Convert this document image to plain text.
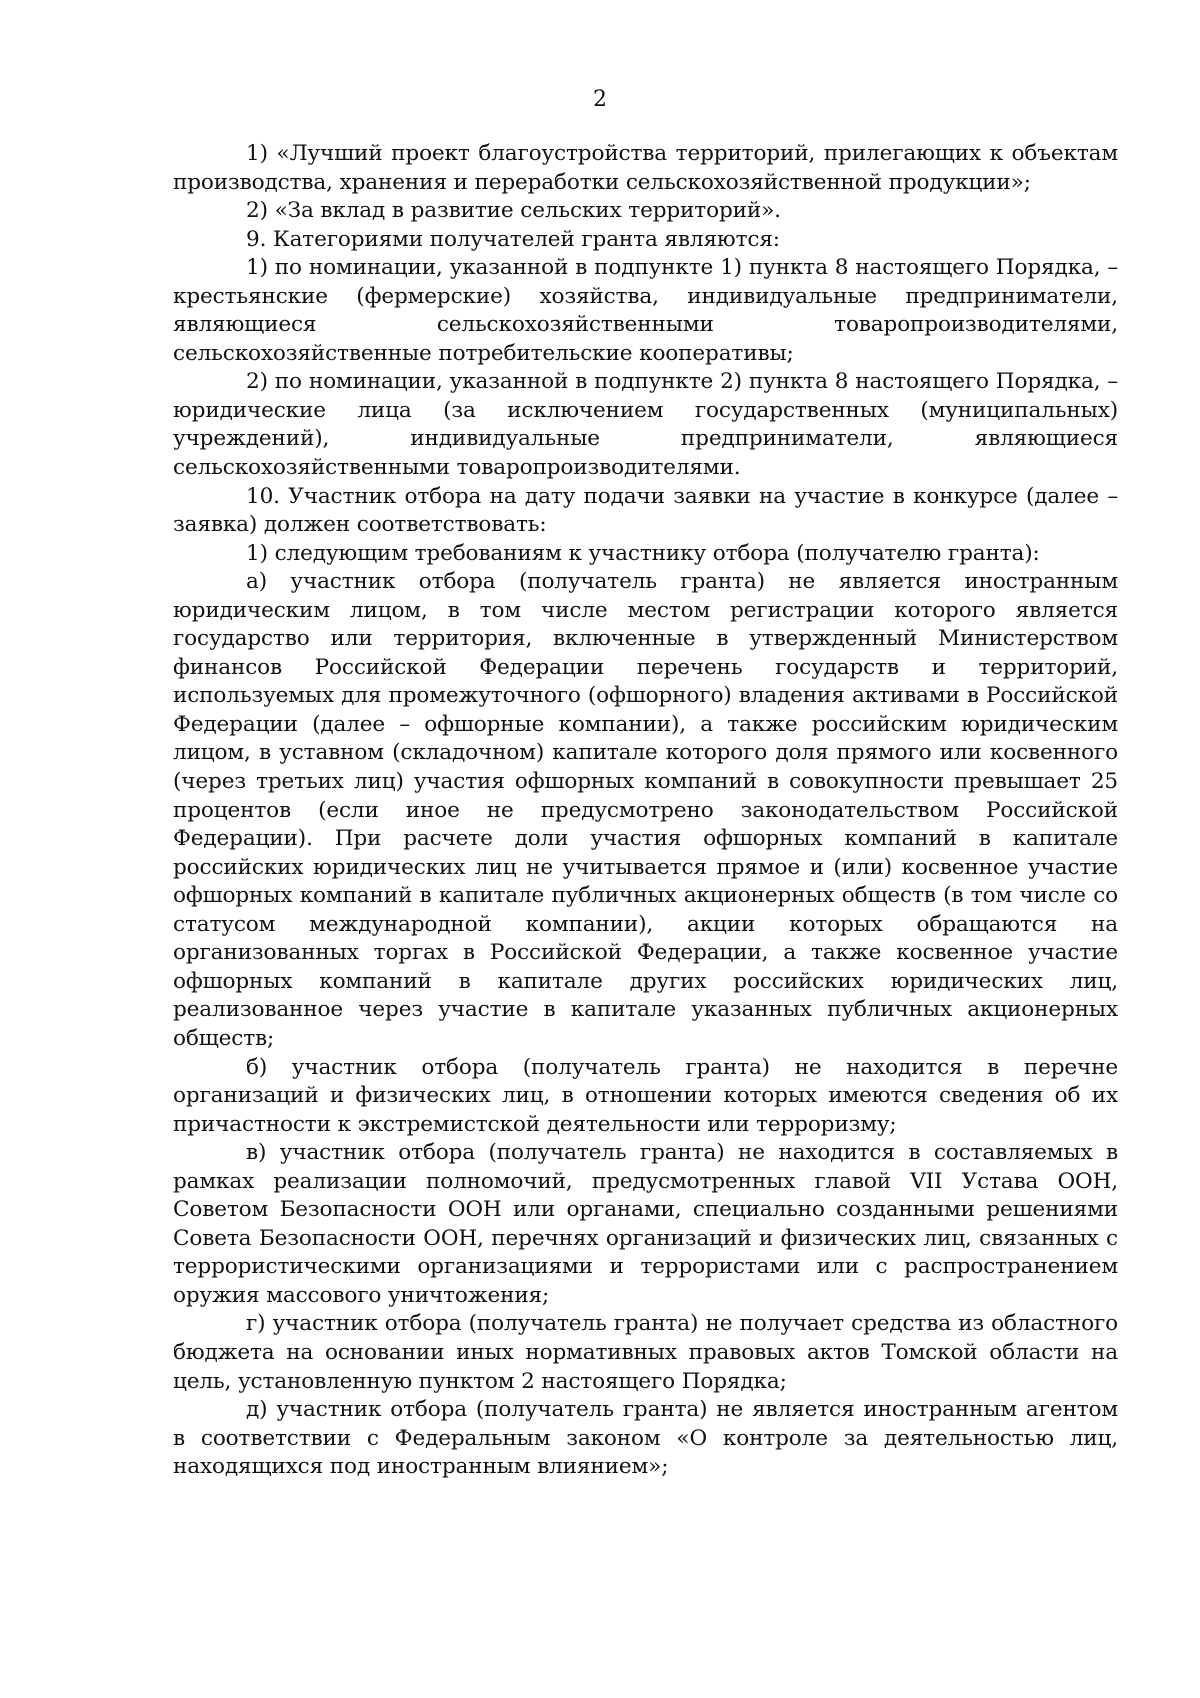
2

1) «Лучший проект благоустройства территорий, прилегающих к объектам производства, хранения и переработки сельскохозяйственной продукции»;

2) «За вклад в развитие сельских территорий».

9. Категориями получателей гранта являются:

1) по номинации, указанной в подпункте 1) пункта 8 настоящего Порядка, – крестьянские (фермерские) хозяйства, индивидуальные предприниматели, являющиеся сельскохозяйственными товаропроизводителями, сельскохозяйственные потребительские кооперативы;

2) по номинации, указанной в подпункте 2) пункта 8 настоящего Порядка, – юридические лица (за исключением государственных (муниципальных) учреждений), индивидуальные предприниматели, являющиеся сельскохозяйственными товаропроизводителями.

10. Участник отбора на дату подачи заявки на участие в конкурсе (далее – заявка) должен соответствовать:

1) следующим требованиям к участнику отбора (получателю гранта):

а) участник отбора (получатель гранта) не является иностранным юридическим лицом, в том числе местом регистрации которого является государство или территория, включенные в утвержденный Министерством финансов Российской Федерации перечень государств и территорий, используемых для промежуточного (офшорного) владения активами в Российской Федерации (далее – офшорные компании), а также российским юридическим лицом, в уставном (складочном) капитале которого доля прямого или косвенного (через третьих лиц) участия офшорных компаний в совокупности превышает 25 процентов (если иное не предусмотрено законодательством Российской Федерации). При расчете доли участия офшорных компаний в капитале российских юридических лиц не учитывается прямое и (или) косвенное участие офшорных компаний в капитале публичных акционерных обществ (в том числе со статусом международной компании), акции которых обращаются на организованных торгах в Российской Федерации, а также косвенное участие офшорных компаний в капитале других российских юридических лиц, реализованное через участие в капитале указанных публичных акционерных обществ;

б) участник отбора (получатель гранта) не находится в перечне организаций и физических лиц, в отношении которых имеются сведения об их причастности к экстремистской деятельности или терроризму;

в) участник отбора (получатель гранта) не находится в составляемых в рамках реализации полномочий, предусмотренных главой VII Устава ООН, Советом Безопасности ООН или органами, специально созданными решениями Совета Безопасности ООН, перечнях организаций и физических лиц, связанных с террористическими организациями и террористами или с распространением оружия массового уничтожения;

г) участник отбора (получатель гранта) не получает средства из областного бюджета на основании иных нормативных правовых актов Томской области на цель, установленную пунктом 2 настоящего Порядка;

д) участник отбора (получатель гранта) не является иностранным агентом в соответствии с Федеральным законом «О контроле за деятельностью лиц, находящихся под иностранным влиянием»;
